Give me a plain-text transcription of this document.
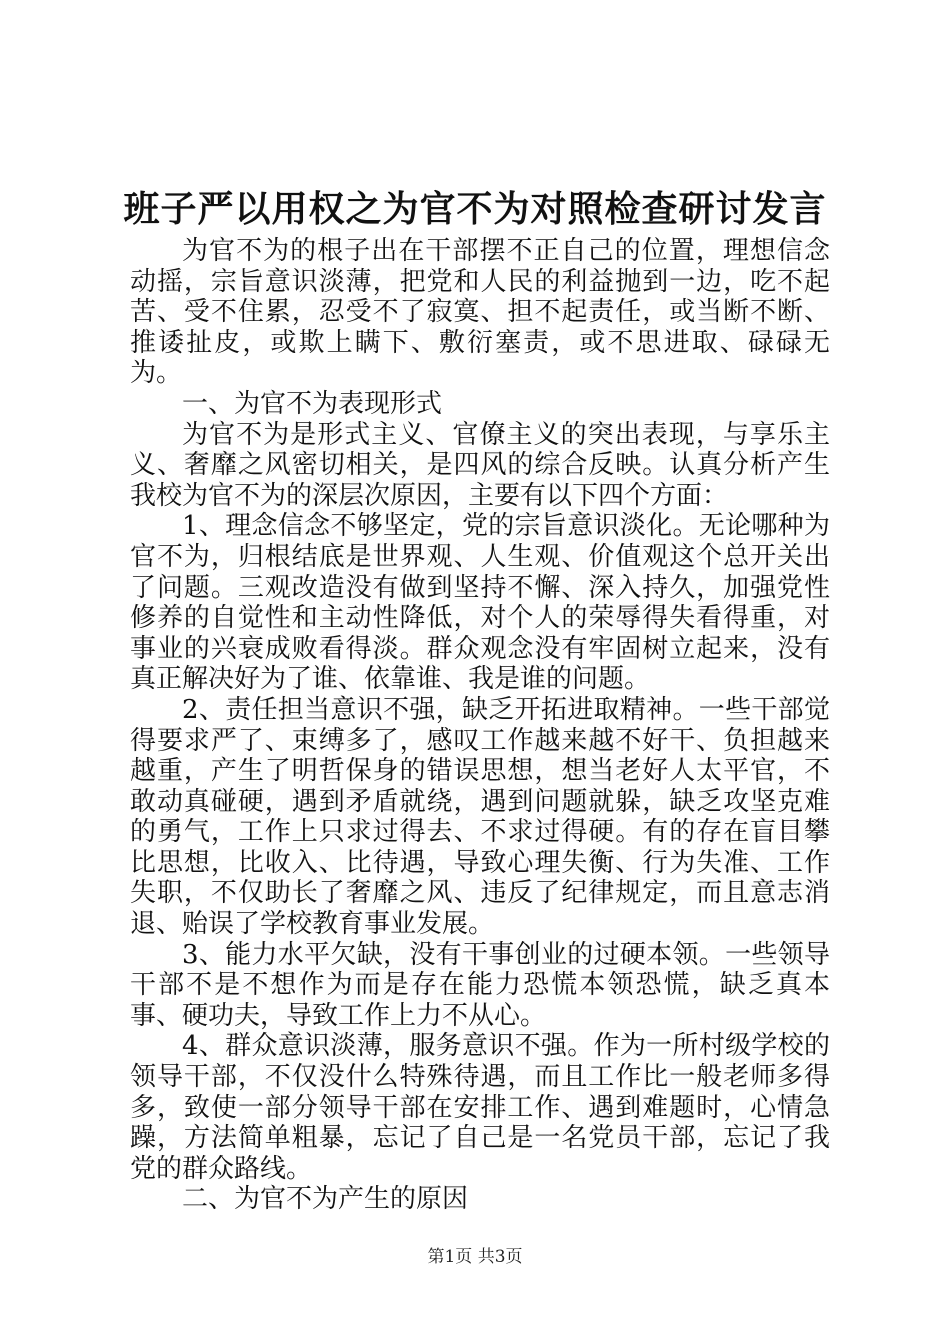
班子严以用权之为官不为对照检查研讨发言

为官不为的根子出在干部摆不正自己的位置，理想信念动摇，宗旨意识淡薄，把党和人民的利益抛到一边，吃不起苦、受不住累，忍受不了寂寞、担不起责任，或当断不断、推诿扯皮，或欺上瞒下、敷衍塞责，或不思进取、碌碌无为。

一、为官不为表现形式

为官不为是形式主义、官僚主义的突出表现，与享乐主义、奢靡之风密切相关，是四风的综合反映。认真分析产生我校为官不为的深层次原因，主要有以下四个方面：

1、理念信念不够坚定，党的宗旨意识淡化。无论哪种为官不为，归根结底是世界观、人生观、价值观这个总开关出了问题。三观改造没有做到坚持不懈、深入持久，加强党性修养的自觉性和主动性降低，对个人的荣辱得失看得重，对事业的兴衰成败看得淡。群众观念没有牢固树立起来，没有真正解决好为了谁、依靠谁、我是谁的问题。

2、责任担当意识不强，缺乏开拓进取精神。一些干部觉得要求严了、束缚多了，感叹工作越来越不好干、负担越来越重，产生了明哲保身的错误思想，想当老好人太平官，不敢动真碰硬，遇到矛盾就绕，遇到问题就躲，缺乏攻坚克难的勇气，工作上只求过得去、不求过得硬。有的存在盲目攀比思想，比收入、比待遇，导致心理失衡、行为失准、工作失职，不仅助长了奢靡之风、违反了纪律规定，而且意志消退、贻误了学校教育事业发展。

3、能力水平欠缺，没有干事创业的过硬本领。一些领导干部不是不想作为而是存在能力恐慌本领恐慌，缺乏真本事、硬功夫，导致工作上力不从心。

4、群众意识淡薄，服务意识不强。作为一所村级学校的领导干部，不仅没什么特殊待遇，而且工作比一般老师多得多，致使一部分领导干部在安排工作、遇到难题时，心情急躁，方法简单粗暴，忘记了自己是一名党员干部，忘记了我党的群众路线。

二、为官不为产生的原因

第1页 共3页
